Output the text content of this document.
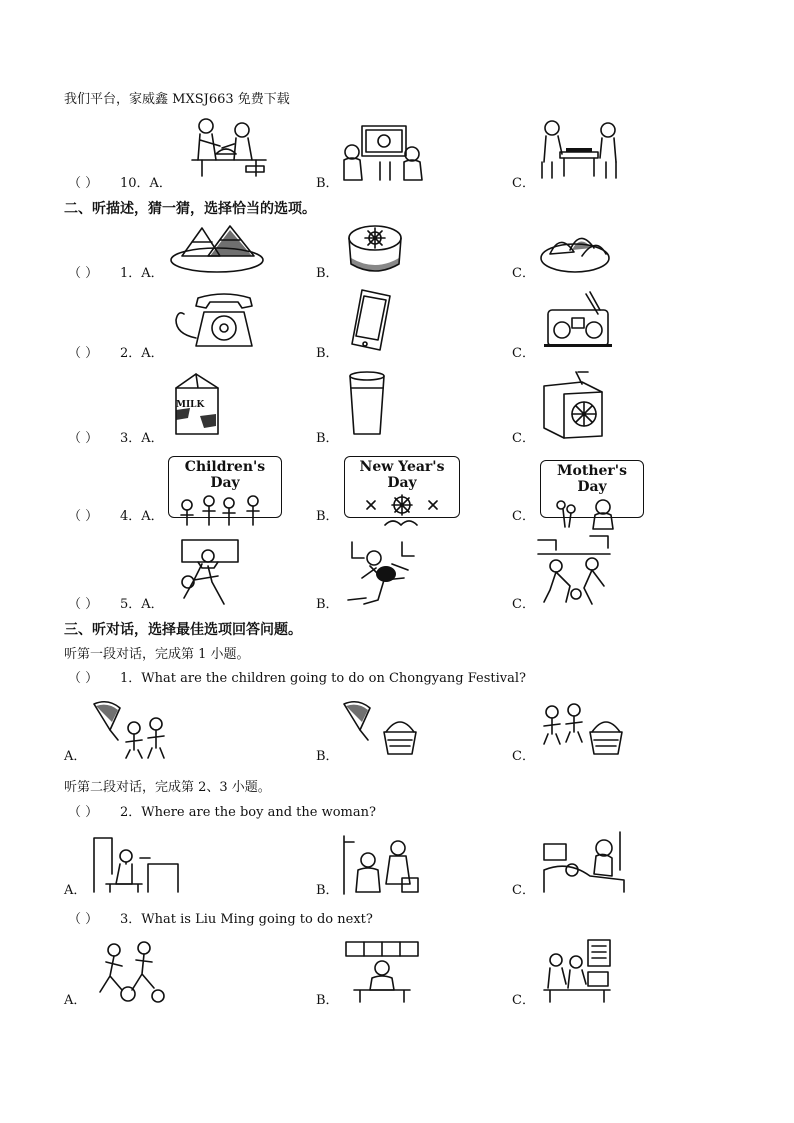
我们平台，家威鑫 MXSJ663 免费下载
（ ） 10．A．	B．	C．
二、听描述，猜一猜，选择恰当的选项。
（ ） 1．A．	B．	C．
（ ） 2．A．	B．	C．
MILK
（ ） 3．A．	B．	C．
Children's Day
New Year's Day
Mother's Day
（ ） 4．A．	B．	C．
（ ） 5．A．	B．	C．
三、听对话，选择最佳选项回答问题。
听第一段对话，完成第 1 小题。
（ ） 1．What are the children going to do on Chongyang Festival?
A．	B．	C．
听第二段对话，完成第 2、3 小题。
（ ） 2．Where are the boy and the woman?
A．	B．	C．
（ ） 3．What is Liu Ming going to do next?
A．	B．	C．
